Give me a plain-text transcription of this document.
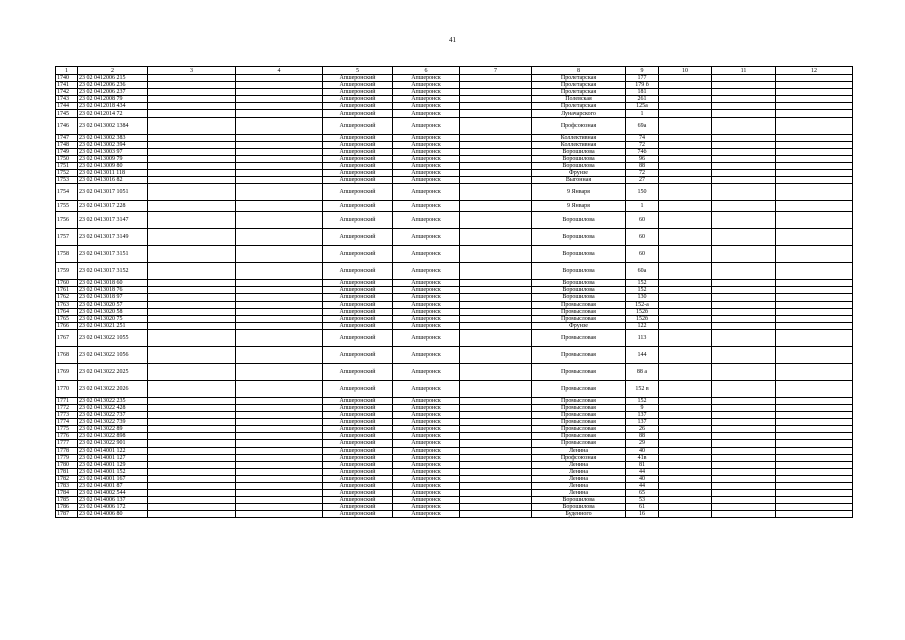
41
1	2	3	4	5	6	7	8	9	10	11	12
1740	23 02 0412006 215			Апшеронский	Апшеронск		Пролетарская	177			
1741	23 02 0412006 236			Апшеронский	Апшеронск		Пролетарская	179 б			
1742	23 02 0412006 237			Апшеронский	Апшеронск		Пролетарская	181			
1743	23 02 0412008 79			Апшеронский	Апшеронск		Полевская	261			
1744	23 02 0412018 434			Апшеронский	Апшеронск		Пролетарская	125а			
1745	23 02 0412014 72			Апшеронский	Апшеронск		Луначарского	1			
1746	23 02 0413002 1384			Апшеронский	Апшеронск		Профсоюзная	69а			
1747	23 02 0413002 383			Апшеронский	Апшеронск		Коллективная	74			
1748	23 02 0413002 394			Апшеронский	Апшеронск		Коллективная	72			
1749	23 02 0413003 97			Апшеронский	Апшеронск		Ворошилова	74б			
1750	23 02 0413009 79			Апшеронский	Апшеронск		Ворошилова	96			
1751	23 02 0413009 80			Апшеронский	Апшеронск		Ворошилова	88			
1752	23 02 0413011 118			Апшеронский	Апшеронск		Фрунзе	72			
1753	23 02 0413016 82			Апшеронский	Апшеронск		Выгонная	27			
1754	23 02 0413017 1051			Апшеронский	Апшеронск		9 Января	150			
1755	23 02 0413017 228			Апшеронский	Апшеронск		9 Января	1			
1756	23 02 0413017 3147			Апшеронский	Апшеронск		Ворошилова	60			
1757	23 02 0413017 3149			Апшеронский	Апшеронск		Ворошилова	60			
1758	23 02 0413017 3151			Апшеронский	Апшеронск		Ворошилова	60			
1759	23 02 0413017 3152			Апшеронский	Апшеронск		Ворошилова	60а			
1760	23 02 0413018 60			Апшеронский	Апшеронск		Ворошилова	152			
1761	23 02 0413018 76			Апшеронский	Апшеронск		Ворошилова	152			
1762	23 02 0413018 97			Апшеронский	Апшеронск		Ворошилова	130			
1763	23 02 0413020 57			Апшеронский	Апшеронск		Промысловая	152-а			
1764	23 02 0413020 58			Апшеронский	Апшеронск		Промысловая	152б			
1765	23 02 0413020 75			Апшеронский	Апшеронск		Промысловая	152б			
1766	23 02 0413021 251			Апшеронский	Апшеронск		Фрунзе	122			
1767	23 02 0413022 1055			Апшеронский	Апшеронск		Промысловая	113			
1768	23 02 0413022 1056			Апшеронский	Апшеронск		Промысловая	144			
1769	23 02 0413022 2025			Апшеронский	Апшеронск		Промысловая	88 а			
1770	23 02 0413022 2026			Апшеронский	Апшеронск		Промысловая	152 в			
1771	23 02 0413022 235			Апшеронский	Апшеронск		Промысловая	152			
1772	23 02 0413022 428			Апшеронский	Апшеронск		Промысловая	9			
1773	23 02 0413022 737			Апшеронский	Апшеронск		Промысловая	137			
1774	23 02 0413022 739			Апшеронский	Апшеронск		Промысловая	137			
1775	23 02 0413022 89			Апшеронский	Апшеронск		Промысловая	26			
1776	23 02 0413022 898			Апшеронский	Апшеронск		Промысловая	88			
1777	23 02 0413022 901			Апшеронский	Апшеронск		Промысловая	29			
1778	23 02 0414001 122			Апшеронский	Апшеронск		Ленина	40			
1779	23 02 0414001 127			Апшеронский	Апшеронск		Профсоюзная	41в			
1780	23 02 0414001 129			Апшеронский	Апшеронск		Ленина	81			
1781	23 02 0414001 152			Апшеронский	Апшеронск		Ленина	44			
1782	23 02 0414001 167			Апшеронский	Апшеронск		Ленина	40			
1783	23 02 0414001 87			Апшеронский	Апшеронск		Ленина	44			
1784	23 02 0414002 544			Апшеронский	Апшеронск		Ленина	65			
1785	23 02 0414006 137			Апшеронский	Апшеронск		Ворошилова	53			
1786	23 02 0414006 172			Апшеронский	Апшеронск		Ворошилова	61			
1787	23 02 0414006 80			Апшеронский	Апшеронск		Буденного	16			
